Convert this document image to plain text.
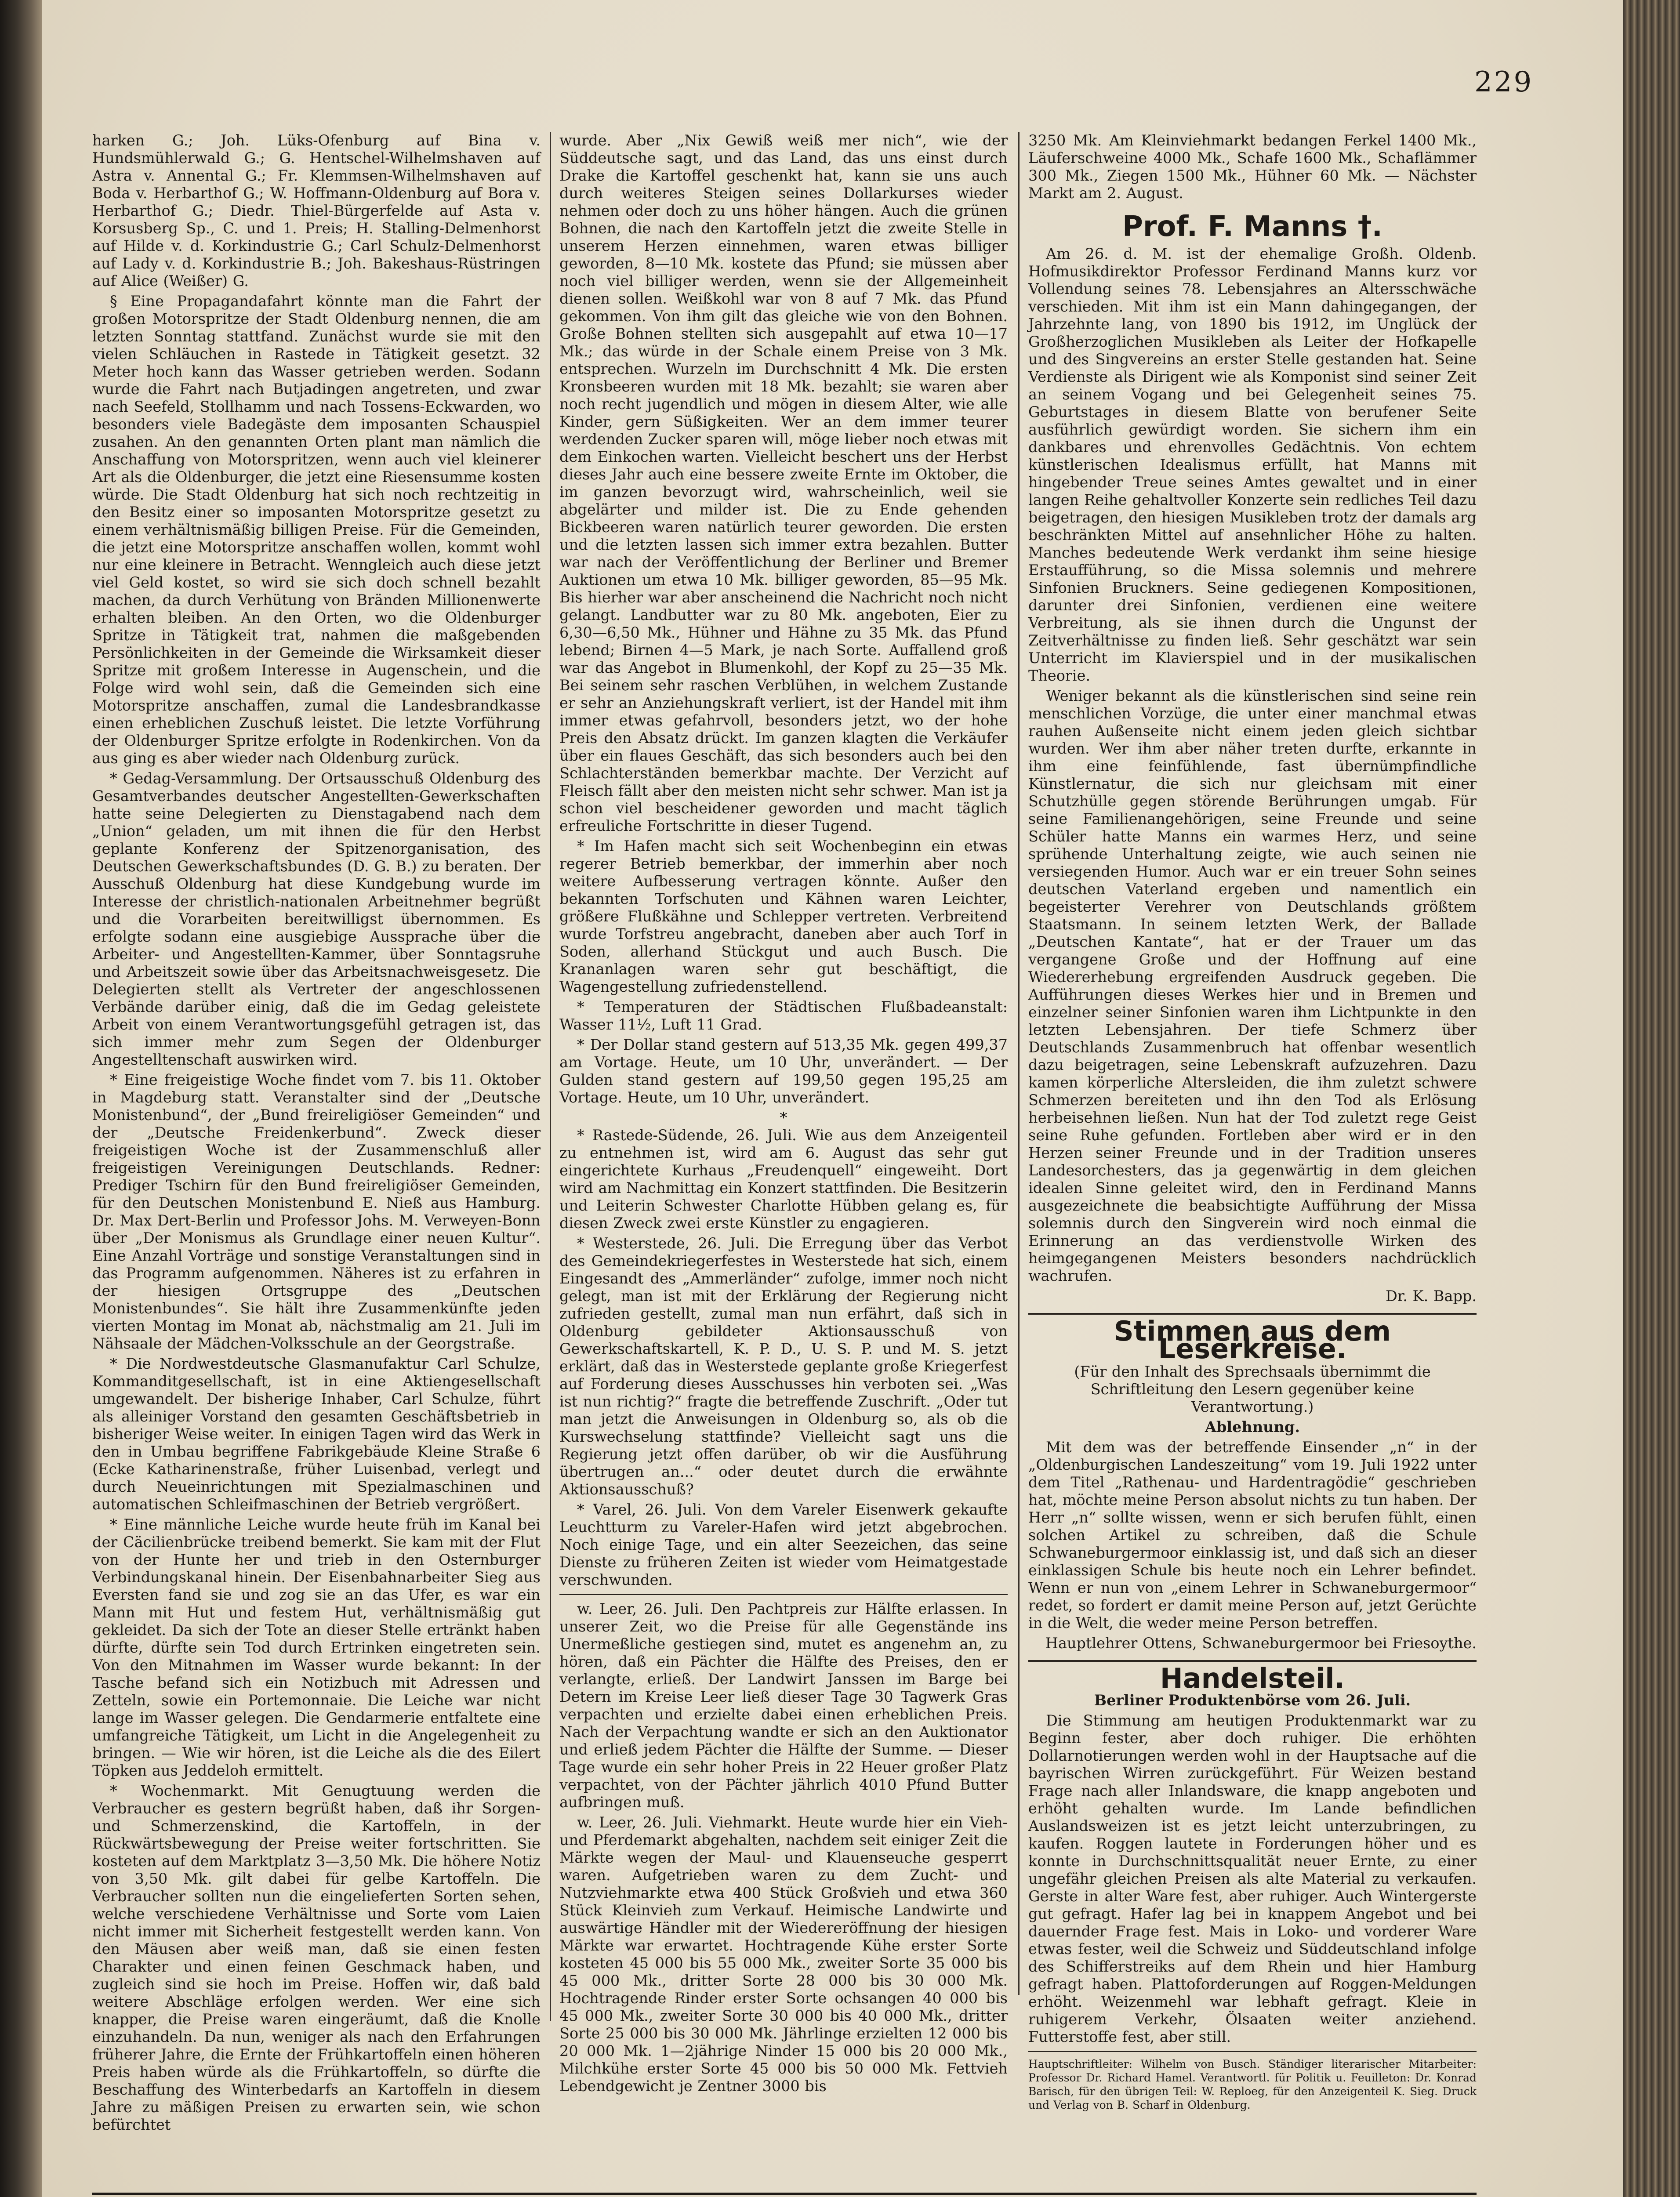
229

harken G.; Joh. Lüks-Ofenburg auf Bina v. Hundsmühlerwald G.; G. Hentschel-Wilhelmshaven auf Astra v. Annental G.; Fr. Klemmsen-Wilhelmshaven auf Boda v. Herbarthof G.; W. Hoffmann-Oldenburg auf Bora v. Herbarthof G.; Diedr. Thiel-Bürgerfelde auf Asta v. Korsusberg Sp., C. und 1. Preis; H. Stalling-Delmenhorst auf Hilde v. d. Korkindustrie G.; Carl Schulz-Delmenhorst auf Lady v. d. Korkindustrie B.; Joh. Bakeshaus-Rüstringen auf Alice (Weißer) G.

§ Eine Propagandafahrt könnte man die Fahrt der großen Motorspritze der Stadt Oldenburg nennen, die am letzten Sonntag stattfand. Zunächst wurde sie mit den vielen Schläuchen in Rastede in Tätigkeit gesetzt. 32 Meter hoch kann das Wasser getrieben werden. Sodann wurde die Fahrt nach Butjadingen angetreten, und zwar nach Seefeld, Stollhamm und nach Tossens-Eckwarden, wo besonders viele Badegäste dem imposanten Schauspiel zusahen. An den genannten Orten plant man nämlich die Anschaffung von Motorspritzen, wenn auch viel kleinerer Art als die Oldenburger, die jetzt eine Riesensumme kosten würde. Die Stadt Oldenburg hat sich noch rechtzeitig in den Besitz einer so imposanten Motorspritze gesetzt zu einem verhältnismäßig billigen Preise. Für die Gemeinden, die jetzt eine Motorspritze anschaffen wollen, kommt wohl nur eine kleinere in Betracht. Wenngleich auch diese jetzt viel Geld kostet, so wird sie sich doch schnell bezahlt machen, da durch Verhütung von Bränden Millionenwerte erhalten bleiben. An den Orten, wo die Oldenburger Spritze in Tätigkeit trat, nahmen die maßgebenden Persönlichkeiten in der Gemeinde die Wirksamkeit dieser Spritze mit großem Interesse in Augenschein, und die Folge wird wohl sein, daß die Gemeinden sich eine Motorspritze anschaffen, zumal die Landesbrandkasse einen erheblichen Zuschuß leistet. Die letzte Vorführung der Oldenburger Spritze erfolgte in Rodenkirchen. Von da aus ging es aber wieder nach Oldenburg zurück.

* Gedag-Versammlung. Der Ortsausschuß Oldenburg des Gesamtverbandes deutscher Angestellten-Gewerkschaften hatte seine Delegierten zu Dienstagabend nach dem „Union“ geladen, um mit ihnen die für den Herbst geplante Konferenz der Spitzenorganisation, des Deutschen Gewerkschaftsbundes (D. G. B.) zu beraten. Der Ausschuß Oldenburg hat diese Kundgebung wurde im Interesse der christlich-nationalen Arbeitnehmer begrüßt und die Vorarbeiten bereitwilligst übernommen. Es erfolgte sodann eine ausgiebige Aussprache über die Arbeiter- und Angestellten-Kammer, über Sonntagsruhe und Arbeitszeit sowie über das Arbeitsnachweisgesetz. Die Delegierten stellt als Vertreter der angeschlossenen Verbände darüber einig, daß die im Gedag geleistete Arbeit von einem Verantwortungsgefühl getragen ist, das sich immer mehr zum Segen der Oldenburger Angestelltenschaft auswirken wird.

* Eine freigeistige Woche findet vom 7. bis 11. Oktober in Magdeburg statt. Veranstalter sind der „Deutsche Monistenbund“, der „Bund freireligiöser Gemeinden“ und der „Deutsche Freidenkerbund“. Zweck dieser freigeistigen Woche ist der Zusammenschluß aller freigeistigen Vereinigungen Deutschlands. Redner: Prediger Tschirn für den Bund freireligiöser Gemeinden, für den Deutschen Monistenbund E. Nieß aus Hamburg. Dr. Max Dert-Berlin und Professor Johs. M. Verweyen-Bonn über „Der Monismus als Grundlage einer neuen Kultur“. Eine Anzahl Vorträge und sonstige Veranstaltungen sind in das Programm aufgenommen. Näheres ist zu erfahren in der hiesigen Ortsgruppe des „Deutschen Monistenbundes“. Sie hält ihre Zusammenkünfte jeden vierten Montag im Monat ab, nächstmalig am 21. Juli im Nähsaale der Mädchen-Volksschule an der Georgstraße.

* Die Nordwestdeutsche Glasmanufaktur Carl Schulze, Kommanditgesellschaft, ist in eine Aktiengesellschaft umgewandelt. Der bisherige Inhaber, Carl Schulze, führt als alleiniger Vorstand den gesamten Geschäftsbetrieb in bisheriger Weise weiter. In einigen Tagen wird das Werk in den in Umbau begriffene Fabrikgebäude Kleine Straße 6 (Ecke Katharinenstraße, früher Luisenbad, verlegt und durch Neueinrichtungen mit Spezialmaschinen und automatischen Schleifmaschinen der Betrieb vergrößert.

* Eine männliche Leiche wurde heute früh im Kanal bei der Cäcilienbrücke treibend bemerkt. Sie kam mit der Flut von der Hunte her und trieb in den Osternburger Verbindungskanal hinein. Der Eisenbahnarbeiter Sieg aus Eversten fand sie und zog sie an das Ufer, es war ein Mann mit Hut und festem Hut, verhältnismäßig gut gekleidet. Da sich der Tote an dieser Stelle ertränkt haben dürfte, dürfte sein Tod durch Ertrinken eingetreten sein. Von den Mitnahmen im Wasser wurde bekannt: In der Tasche befand sich ein Notizbuch mit Adressen und Zetteln, sowie ein Portemonnaie. Die Leiche war nicht lange im Wasser gelegen. Die Gendarmerie entfaltete eine umfangreiche Tätigkeit, um Licht in die Angelegenheit zu bringen. — Wie wir hören, ist die Leiche als die des Eilert Töpken aus Jeddeloh ermittelt.

* Wochenmarkt. Mit Genugtuung werden die Verbraucher es gestern begrüßt haben, daß ihr Sorgen- und Schmerzenskind, die Kartoffeln, in der Rückwärtsbewegung der Preise weiter fortschritten. Sie kosteten auf dem Marktplatz 3—3,50 Mk. Die höhere Notiz von 3,50 Mk. gilt dabei für gelbe Kartoffeln. Die Verbraucher sollten nun die eingelieferten Sorten sehen, welche verschiedene Verhältnisse und Sorte vom Laien nicht immer mit Sicherheit festgestellt werden kann. Von den Mäusen aber weiß man, daß sie einen festen Charakter und einen feinen Geschmack haben, und zugleich sind sie hoch im Preise. Hoffen wir, daß bald weitere Abschläge erfolgen werden. Wer eine sich knapper, die Preise waren eingeräumt, daß die Knolle einzuhandeln. Da nun, weniger als nach den Erfahrungen früherer Jahre, die Ernte der Frühkartoffeln einen höheren Preis haben würde als die Frühkartoffeln, so dürfte die Beschaffung des Winterbedarfs an Kartoffeln in diesem Jahre zu mäßigen Preisen zu erwarten sein, wie schon befürchtet

wurde. Aber „Nix Gewiß weiß mer nich“, wie der Süddeutsche sagt, und das Land, das uns einst durch Drake die Kartoffel geschenkt hat, kann sie uns auch durch weiteres Steigen seines Dollarkurses wieder nehmen oder doch zu uns höher hängen. Auch die grünen Bohnen, die nach den Kartoffeln jetzt die zweite Stelle in unserem Herzen einnehmen, waren etwas billiger geworden, 8—10 Mk. kostete das Pfund; sie müssen aber noch viel billiger werden, wenn sie der Allgemeinheit dienen sollen. Weißkohl war von 8 auf 7 Mk. das Pfund gekommen. Von ihm gilt das gleiche wie von den Bohnen. Große Bohnen stellten sich ausgepahlt auf etwa 10—17 Mk.; das würde in der Schale einem Preise von 3 Mk. entsprechen. Wurzeln im Durchschnitt 4 Mk. Die ersten Kronsbeeren wurden mit 18 Mk. bezahlt; sie waren aber noch recht jugendlich und mögen in diesem Alter, wie alle Kinder, gern Süßigkeiten. Wer an dem immer teurer werdenden Zucker sparen will, möge lieber noch etwas mit dem Einkochen warten. Vielleicht beschert uns der Herbst dieses Jahr auch eine bessere zweite Ernte im Oktober, die im ganzen bevorzugt wird, wahrscheinlich, weil sie abgelärter und milder ist. Die zu Ende gehenden Bickbeeren waren natürlich teurer geworden. Die ersten und die letzten lassen sich immer extra bezahlen. Butter war nach der Veröffentlichung der Berliner und Bremer Auktionen um etwa 10 Mk. billiger geworden, 85—95 Mk. Bis hierher war aber anscheinend die Nachricht noch nicht gelangt. Landbutter war zu 80 Mk. angeboten, Eier zu 6,30—6,50 Mk., Hühner und Hähne zu 35 Mk. das Pfund lebend; Birnen 4—5 Mark, je nach Sorte. Auffallend groß war das Angebot in Blumenkohl, der Kopf zu 25—35 Mk. Bei seinem sehr raschen Verblühen, in welchem Zustande er sehr an Anziehungskraft verliert, ist der Handel mit ihm immer etwas gefahrvoll, besonders jetzt, wo der hohe Preis den Absatz drückt. Im ganzen klagten die Verkäufer über ein flaues Geschäft, das sich besonders auch bei den Schlachterständen bemerkbar machte. Der Verzicht auf Fleisch fällt aber den meisten nicht sehr schwer. Man ist ja schon viel bescheidener geworden und macht täglich erfreuliche Fortschritte in dieser Tugend.

* Im Hafen macht sich seit Wochenbeginn ein etwas regerer Betrieb bemerkbar, der immerhin aber noch weitere Aufbesserung vertragen könnte. Außer den bekannten Torfschuten und Kähnen waren Leichter, größere Flußkähne und Schlepper vertreten. Verbreitend wurde Torfstreu angebracht, daneben aber auch Torf in Soden, allerhand Stückgut und auch Busch. Die Krananlagen waren sehr gut beschäftigt, die Wagengestellung zufriedenstellend.

* Temperaturen der Städtischen Flußbadeanstalt: Wasser 11½, Luft 11 Grad.

* Der Dollar stand gestern auf 513,35 Mk. gegen 499,37 am Vortage. Heute, um 10 Uhr, unverändert. — Der Gulden stand gestern auf 199,50 gegen 195,25 am Vortage. Heute, um 10 Uhr, unverändert.

*

* Rastede-Südende, 26. Juli. Wie aus dem Anzeigenteil zu entnehmen ist, wird am 6. August das sehr gut eingerichtete Kurhaus „Freudenquell“ eingeweiht. Dort wird am Nachmittag ein Konzert stattfinden. Die Besitzerin und Leiterin Schwester Charlotte Hübben gelang es, für diesen Zweck zwei erste Künstler zu engagieren.

* Westerstede, 26. Juli. Die Erregung über das Verbot des Gemeindekriegerfestes in Westerstede hat sich, einem Eingesandt des „Ammerländer“ zufolge, immer noch nicht gelegt, man ist mit der Erklärung der Regierung nicht zufrieden gestellt, zumal man nun erfährt, daß sich in Oldenburg gebildeter Aktionsausschuß von Gewerkschaftskartell, K. P. D., U. S. P. und M. S. jetzt erklärt, daß das in Westerstede geplante große Kriegerfest auf Forderung dieses Ausschusses hin verboten sei. „Was ist nun richtig?“ fragte die betreffende Zuschrift. „Oder tut man jetzt die Anweisungen in Oldenburg so, als ob die Kurswechselung stattfinde? Vielleicht sagt uns die Regierung jetzt offen darüber, ob wir die Ausführung übertrugen an...“ oder deutet durch die erwähnte Aktionsausschuß?

* Varel, 26. Juli. Von dem Vareler Eisenwerk gekaufte Leuchtturm zu Vareler-Hafen wird jetzt abgebrochen. Noch einige Tage, und ein alter Seezeichen, das seine Dienste zu früheren Zeiten ist wieder vom Heimatgestade verschwunden.

w. Leer, 26. Juli. Den Pachtpreis zur Hälfte erlassen. In unserer Zeit, wo die Preise für alle Gegenstände ins Unermeßliche gestiegen sind, mutet es angenehm an, zu hören, daß ein Pächter die Hälfte des Preises, den er verlangte, erließ. Der Landwirt Janssen im Barge bei Detern im Kreise Leer ließ dieser Tage 30 Tagwerk Gras verpachten und erzielte dabei einen erheblichen Preis. Nach der Verpachtung wandte er sich an den Auktionator und erließ jedem Pächter die Hälfte der Summe. — Dieser Tage wurde ein sehr hoher Preis in 22 Heuer großer Platz verpachtet, von der Pächter jährlich 4010 Pfund Butter aufbringen muß.

w. Leer, 26. Juli. Viehmarkt. Heute wurde hier ein Vieh- und Pferdemarkt abgehalten, nachdem seit einiger Zeit die Märkte wegen der Maul- und Klauenseuche gesperrt waren. Aufgetrieben waren zu dem Zucht- und Nutzviehmarkte etwa 400 Stück Großvieh und etwa 360 Stück Kleinvieh zum Verkauf. Heimische Landwirte und auswärtige Händler mit der Wiedereröffnung der hiesigen Märkte war erwartet. Hochtragende Kühe erster Sorte kosteten 45 000 bis 55 000 Mk., zweiter Sorte 35 000 bis 45 000 Mk., dritter Sorte 28 000 bis 30 000 Mk. Hochtragende Rinder erster Sorte ochsangen 40 000 bis 45 000 Mk., zweiter Sorte 30 000 bis 40 000 Mk., dritter Sorte 25 000 bis 30 000 Mk. Jährlinge erzielten 12 000 bis 20 000 Mk. 1—2jährige Ninder 15 000 bis 20 000 Mk., Milchkühe erster Sorte 45 000 bis 50 000 Mk. Fettvieh Lebendgewicht je Zentner 3000 bis

3250 Mk. Am Kleinviehmarkt bedangen Ferkel 1400 Mk., Läuferschweine 4000 Mk., Schafe 1600 Mk., Schaflämmer 300 Mk., Ziegen 1500 Mk., Hühner 60 Mk. — Nächster Markt am 2. August.

Prof. F. Manns †.

Am 26. d. M. ist der ehemalige Großh. Oldenb. Hofmusikdirektor Professor Ferdinand Manns kurz vor Vollendung seines 78. Lebensjahres an Altersschwäche verschieden. Mit ihm ist ein Mann dahingegangen, der Jahrzehnte lang, von 1890 bis 1912, im Unglück der Großherzoglichen Musikleben als Leiter der Hofkapelle und des Singvereins an erster Stelle gestanden hat. Seine Verdienste als Dirigent wie als Komponist sind seiner Zeit an seinem Vogang und bei Gelegenheit seines 75. Geburtstages in diesem Blatte von berufener Seite ausführlich gewürdigt worden. Sie sichern ihm ein dankbares und ehrenvolles Gedächtnis. Von echtem künstlerischen Idealismus erfüllt, hat Manns mit hingebender Treue seines Amtes gewaltet und in einer langen Reihe gehaltvoller Konzerte sein redliches Teil dazu beigetragen, den hiesigen Musikleben trotz der damals arg beschränkten Mittel auf ansehnlicher Höhe zu halten. Manches bedeutende Werk verdankt ihm seine hiesige Erstaufführung, so die Missa solemnis und mehrere Sinfonien Bruckners. Seine gediegenen Kompositionen, darunter drei Sinfonien, verdienen eine weitere Verbreitung, als sie ihnen durch die Ungunst der Zeitverhältnisse zu finden ließ. Sehr geschätzt war sein Unterricht im Klavierspiel und in der musikalischen Theorie.

Weniger bekannt als die künstlerischen sind seine rein menschlichen Vorzüge, die unter einer manchmal etwas rauhen Außenseite nicht einem jeden gleich sichtbar wurden. Wer ihm aber näher treten durfte, erkannte in ihm eine feinfühlende, fast übernümpfindliche Künstlernatur, die sich nur gleichsam mit einer Schutzhülle gegen störende Berührungen umgab. Für seine Familienangehörigen, seine Freunde und seine Schüler hatte Manns ein warmes Herz, und seine sprühende Unterhaltung zeigte, wie auch seinen nie versiegenden Humor. Auch war er ein treuer Sohn seines deutschen Vaterland ergeben und namentlich ein begeisterter Verehrer von Deutschlands größtem Staatsmann. In seinem letzten Werk, der Ballade „Deutschen Kantate“, hat er der Trauer um das vergangene Große und der Hoffnung auf eine Wiedererhebung ergreifenden Ausdruck gegeben. Die Aufführungen dieses Werkes hier und in Bremen und einzelner seiner Sinfonien waren ihm Lichtpunkte in den letzten Lebensjahren. Der tiefe Schmerz über Deutschlands Zusammenbruch hat offenbar wesentlich dazu beigetragen, seine Lebenskraft aufzuzehren. Dazu kamen körperliche Altersleiden, die ihm zuletzt schwere Schmerzen bereiteten und ihn den Tod als Erlösung herbeisehnen ließen. Nun hat der Tod zuletzt rege Geist seine Ruhe gefunden. Fortleben aber wird er in den Herzen seiner Freunde und in der Tradition unseres Landesorchesters, das ja gegenwärtig in dem gleichen idealen Sinne geleitet wird, den in Ferdinand Manns ausgezeichnete die beabsichtigte Aufführung der Missa solemnis durch den Singverein wird noch einmal die Erinnerung an das verdienstvolle Wirken des heimgegangenen Meisters besonders nachdrücklich wachrufen.

Dr. K. Bapp.

Stimmen aus dem Leserkreise.

(Für den Inhalt des Sprechsaals übernimmt die Schriftleitung den Lesern gegenüber keine Verantwortung.)

Ablehnung.

Mit dem was der betreffende Einsender „n“ in der „Oldenburgischen Landeszeitung“ vom 19. Juli 1922 unter dem Titel „Rathenau- und Hardentragödie“ geschrieben hat, möchte meine Person absolut nichts zu tun haben. Der Herr „n“ sollte wissen, wenn er sich berufen fühlt, einen solchen Artikel zu schreiben, daß die Schule Schwaneburgermoor einklassig ist, und daß sich an dieser einklassigen Schule bis heute noch ein Lehrer befindet. Wenn er nun von „einem Lehrer in Schwaneburgermoor“ redet, so fordert er damit meine Person auf, jetzt Gerüchte in die Welt, die weder meine Person betreffen.

Hauptlehrer Ottens, Schwaneburgermoor bei Friesoythe.

Handelsteil.

Berliner Produktenbörse vom 26. Juli.

Die Stimmung am heutigen Produktenmarkt war zu Beginn fester, aber doch ruhiger. Die erhöhten Dollarnotierungen werden wohl in der Hauptsache auf die bayrischen Wirren zurückgeführt. Für Weizen bestand Frage nach aller Inlandsware, die knapp angeboten und erhöht gehalten wurde. Im Lande befindlichen Auslandsweizen ist es jetzt leicht unterzubringen, zu kaufen. Roggen lautete in Forderungen höher und es konnte in Durchschnittsqualität neuer Ernte, zu einer ungefähr gleichen Preisen als alte Material zu verkaufen. Gerste in alter Ware fest, aber ruhiger. Auch Wintergerste gut gefragt. Hafer lag bei in knappem Angebot und bei dauernder Frage fest. Mais in Loko- und vorderer Ware etwas fester, weil die Schweiz und Süddeutschland infolge des Schifferstreiks auf dem Rhein und hier Hamburg gefragt haben. Plattoforderungen auf Roggen-Meldungen erhöht. Weizenmehl war lebhaft gefragt. Kleie in ruhigerem Verkehr, Ölsaaten weiter anziehend. Futterstoffe fest, aber still.

Hauptschriftleiter: Wilhelm von Busch. Ständiger literarischer Mitarbeiter: Professor Dr. Richard Hamel. Verantwortl. für Politik u. Feuilleton: Dr. Konrad Barisch, für den übrigen Teil: W. Reploeg, für den Anzeigenteil K. Sieg. Druck und Verlag von B. Scharf in Oldenburg.
